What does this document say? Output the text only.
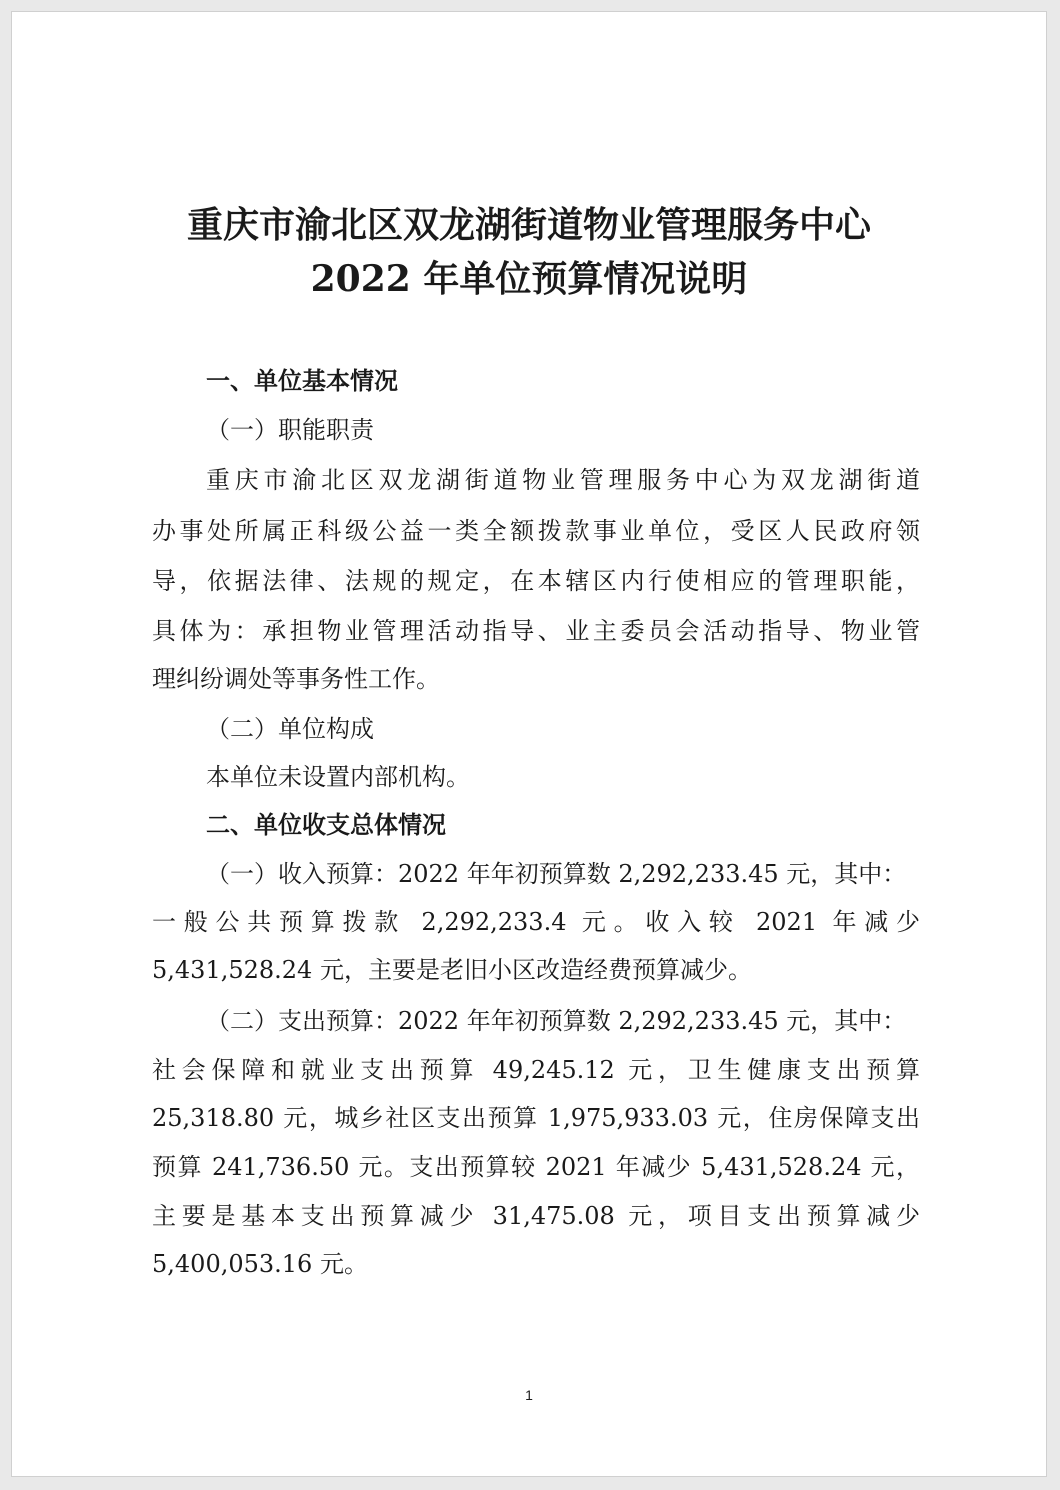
重庆市渝北区双龙湖街道物业管理服务中心
2022 年单位预算情况说明
一、单位基本情况
（一）职能职责
重庆市渝北区双龙湖街道物业管理服务中心为双龙湖街道
办事处所属正科级公益一类全额拨款事业单位，受区人民政府领
导，依据法律、法规的规定，在本辖区内行使相应的管理职能，
具体为：承担物业管理活动指导、业主委员会活动指导、物业管
理纠纷调处等事务性工作。
（二）单位构成
本单位未设置内部机构。
二、单位收支总体情况
（一）收入预算：2022 年年初预算数 2,292,233.45 元，其中：
一般公共预算拨款 2,292,233.4 元。收入较 2021 年减少
5,431,528.24 元，主要是老旧小区改造经费预算减少。
（二）支出预算：2022 年年初预算数 2,292,233.45 元，其中：
社会保障和就业支出预算 49,245.12 元，卫生健康支出预算
25,318.80 元，城乡社区支出预算 1,975,933.03 元，住房保障支出
预算 241,736.50 元。支出预算较 2021 年减少 5,431,528.24 元，
主要是基本支出预算减少 31,475.08 元，项目支出预算减少
5,400,053.16 元。
1
